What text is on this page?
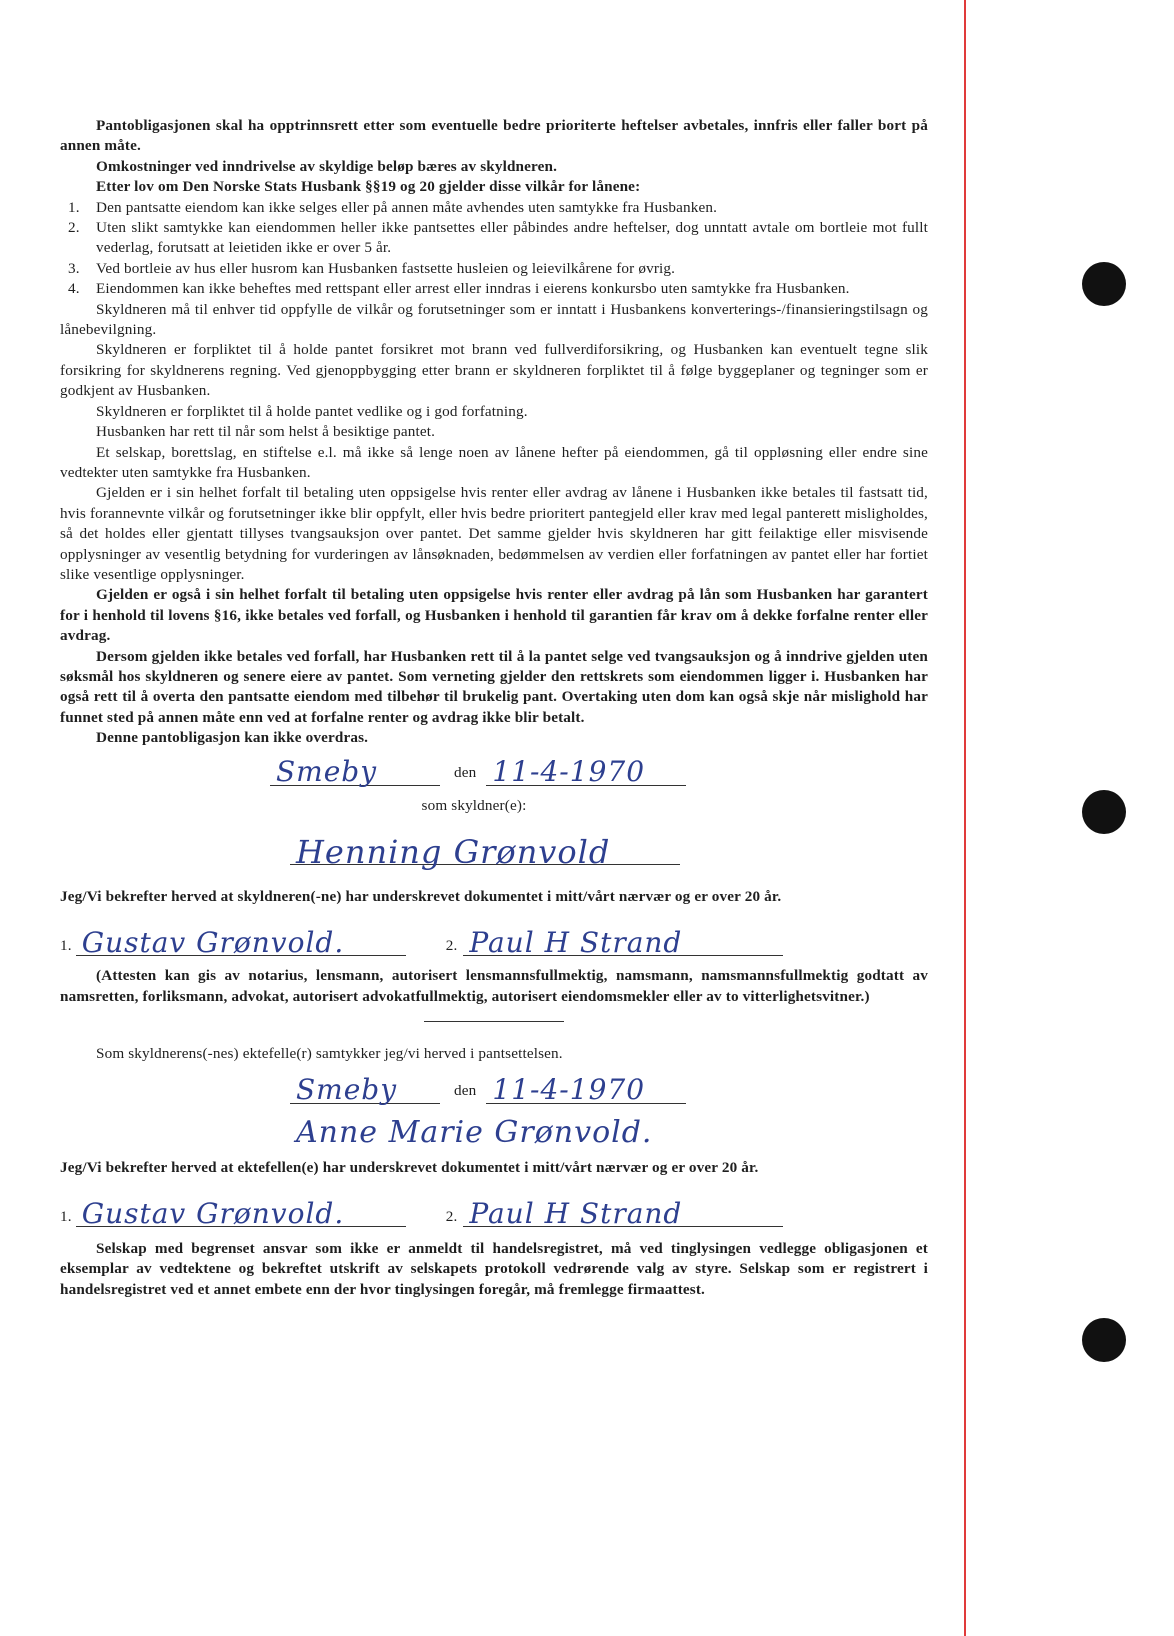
Pantobligasjonen skal ha opptrinnsrett etter som eventuelle bedre prioriterte heftelser avbetales, innfris eller faller bort på annen måte.

Omkostninger ved inndrivelse av skyldige beløp bæres av skyldneren.

Etter lov om Den Norske Stats Husbank §§19 og 20 gjelder disse vilkår for lånene:

1. Den pantsatte eiendom kan ikke selges eller på annen måte avhendes uten samtykke fra Husbanken.
2. Uten slikt samtykke kan eiendommen heller ikke pantsettes eller påbindes andre heftelser, dog unntatt avtale om bortleie mot fullt vederlag, forutsatt at leietiden ikke er over 5 år.
3. Ved bortleie av hus eller husrom kan Husbanken fastsette husleien og leievilkårene for øvrig.
4. Eiendommen kan ikke beheftes med rettspant eller arrest eller inndras i eierens konkursbo uten samtykke fra Husbanken.

Skyldneren må til enhver tid oppfylle de vilkår og forutsetninger som er inntatt i Husbankens konverterings-/finansieringstilsagn og lånebevilgning.

Skyldneren er forpliktet til å holde pantet forsikret mot brann ved fullverdiforsikring, og Husbanken kan eventuelt tegne slik forsikring for skyldnerens regning. Ved gjenoppbygging etter brann er skyldneren forpliktet til å følge byggeplaner og tegninger som er godkjent av Husbanken.

Skyldneren er forpliktet til å holde pantet vedlike og i god forfatning.

Husbanken har rett til når som helst å besiktige pantet.

Et selskap, borettslag, en stiftelse e.l. må ikke så lenge noen av lånene hefter på eiendommen, gå til oppløsning eller endre sine vedtekter uten samtykke fra Husbanken.

Gjelden er i sin helhet forfalt til betaling uten oppsigelse hvis renter eller avdrag av lånene i Husbanken ikke betales til fastsatt tid, hvis forannevnte vilkår og forutsetninger ikke blir oppfylt, eller hvis bedre prioritert pantegjeld eller krav med legal panterett misligholdes, så det holdes eller gjentatt tillyses tvangsauksjon over pantet. Det samme gjelder hvis skyldneren har gitt feilaktige eller misvisende opplysninger av vesentlig betydning for vurderingen av lånsøknaden, bedømmelsen av verdien eller forfatningen av pantet eller har fortiet slike vesentlige opplysninger.

Gjelden er også i sin helhet forfalt til betaling uten oppsigelse hvis renter eller avdrag på lån som Husbanken har garantert for i henhold til lovens §16, ikke betales ved forfall, og Husbanken i henhold til garantien får krav om å dekke forfalne renter eller avdrag.

Dersom gjelden ikke betales ved forfall, har Husbanken rett til å la pantet selge ved tvangsauksjon og å inndrive gjelden uten søksmål hos skyldneren og senere eiere av pantet. Som verneting gjelder den rettskrets som eiendommen ligger i. Husbanken har også rett til å overta den pantsatte eiendom med tilbehør til brukelig pant. Overtaking uten dom kan også skje når mislighold har funnet sted på annen måte enn ved at forfalne renter og avdrag ikke blir betalt.

Denne pantobligasjon kan ikke overdras.

Smeby	den 11-4-1970
som skyldner(e):
Henning Grønvold

Jeg/Vi bekrefter herved at skyldneren(-ne) har underskrevet dokumentet i mitt/vårt nærvær og er over 20 år.

1. Gustav Grønvold.	2. Paul H Strand

(Attesten kan gis av notarius, lensmann, autorisert lensmannsfullmektig, namsmann, namsmannsfullmektig godtatt av namsretten, forliksmann, advokat, autorisert advokatfullmektig, autorisert eiendomsmekler eller av to vitterlighetsvitner.)

Som skyldnerens(-nes) ektefelle(r) samtykker jeg/vi herved i pantsettelsen.

Smeby	den 11-4-1970
Anne Marie Grønvold.

Jeg/Vi bekrefter herved at ektefellen(e) har underskrevet dokumentet i mitt/vårt nærvær og er over 20 år.

1. Gustav Grønvold.	2. Paul H Strand

Selskap med begrenset ansvar som ikke er anmeldt til handelsregistret, må ved tinglysingen vedlegge obligasjonen et eksemplar av vedtektene og bekreftet utskrift av selskapets protokoll vedrørende valg av styre. Selskap som er registrert i handelsregistret ved et annet embete enn der hvor tinglysingen foregår, må fremlegge firmaattest.
